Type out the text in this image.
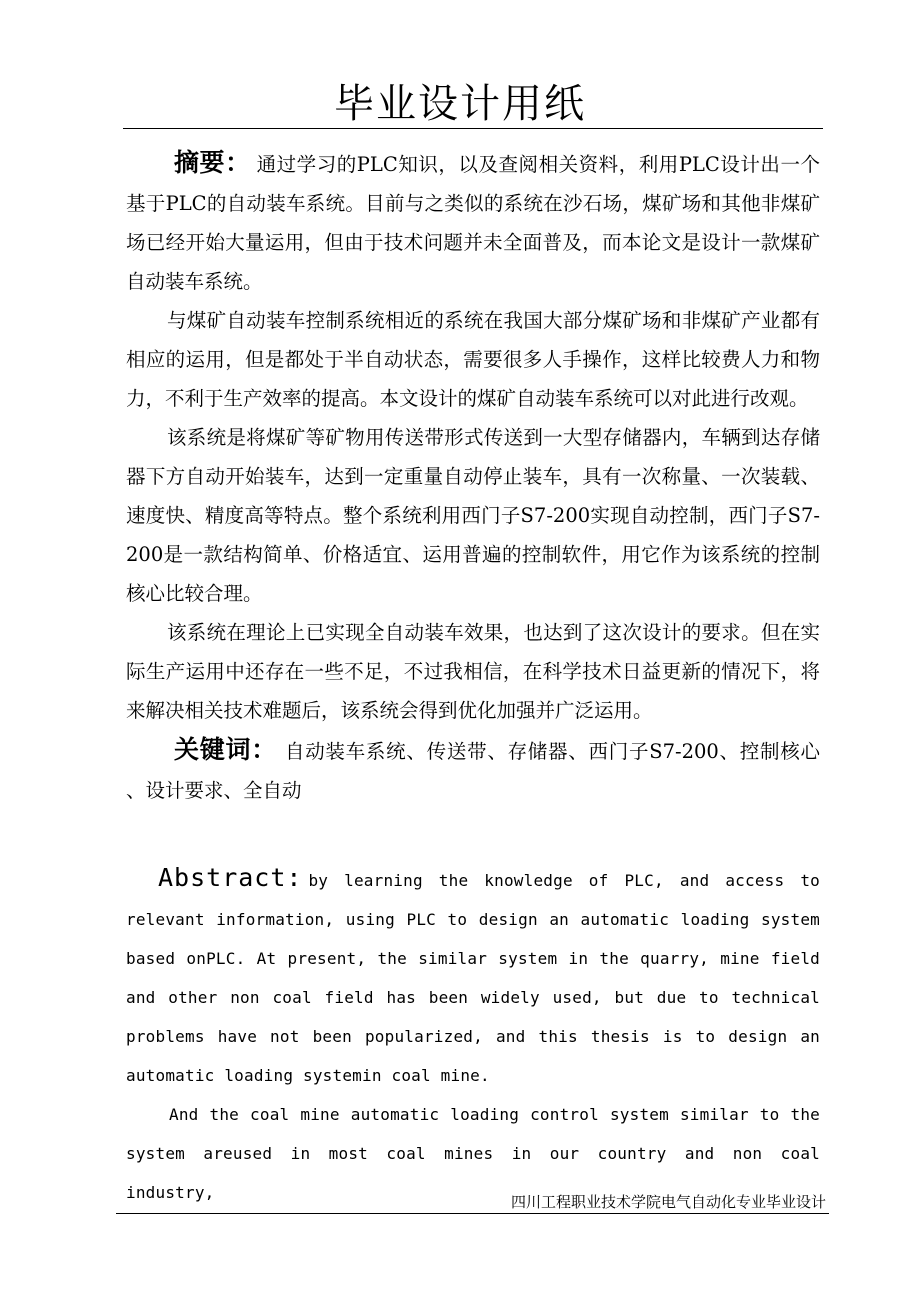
毕业设计用纸

摘要： 通过学习的PLC知识，以及查阅相关资料，利用PLC设计出一个基于PLC的自动装车系统。目前与之类似的系统在沙石场，煤矿场和其他非煤矿场已经开始大量运用，但由于技术问题并未全面普及，而本论文是设计一款煤矿自动装车系统。

与煤矿自动装车控制系统相近的系统在我国大部分煤矿场和非煤矿产业都有相应的运用，但是都处于半自动状态，需要很多人手操作，这样比较费人力和物力，不利于生产效率的提高。本文设计的煤矿自动装车系统可以对此进行改观。

该系统是将煤矿等矿物用传送带形式传送到一大型存储器内，车辆到达存储器下方自动开始装车，达到一定重量自动停止装车，具有一次称量、一次装载、速度快、精度高等特点。整个系统利用西门子S7-200实现自动控制，西门子S7-200是一款结构简单、价格适宜、运用普遍的控制软件，用它作为该系统的控制核心比较合理。

该系统在理论上已实现全自动装车效果，也达到了这次设计的要求。但在实际生产运用中还存在一些不足，不过我相信，在科学技术日益更新的情况下，将来解决相关技术难题后，该系统会得到优化加强并广泛运用。

关键词： 自动装车系统、传送带、存储器、西门子S7-200、控制核心 、设计要求、全自动

Abstract: by learning the knowledge of PLC, and access to relevant information, using PLC to design an automatic loading system based onPLC. At present, the similar system in the quarry, mine field and other non coal field has been widely used, but due to technical problems have not been popularized, and this thesis is to design an automatic loading systemin coal mine.

And the coal mine automatic loading control system similar to the system areused in most coal mines in our country and non coal industry,	四川工程职业技术学院电气自动化专业毕业设计
